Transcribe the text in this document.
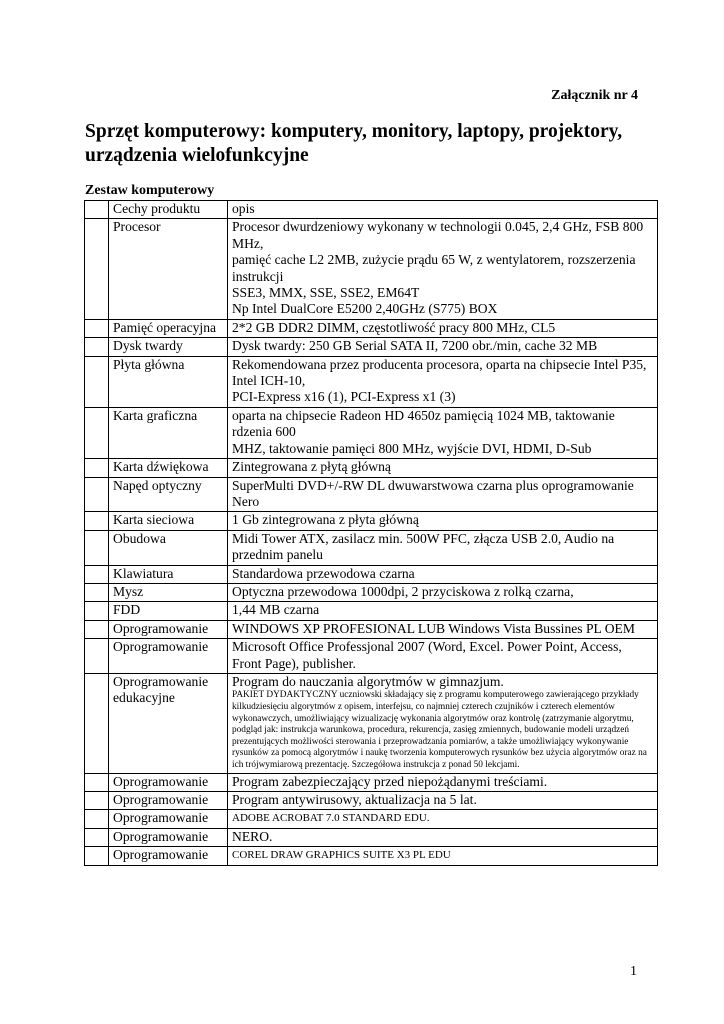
Załącznik nr 4
Sprzęt komputerowy: komputery, monitory, laptopy, projektory, urządzenia wielofunkcyjne
Zestaw komputerowy
	Cechy produktu	opis
	Procesor	Procesor dwurdzeniowy wykonany w technologii 0.045, 2,4 GHz, FSB 800 MHz,
pamięć cache L2 2MB, zużycie prądu 65 W, z wentylatorem, rozszerzenia instrukcji
SSE3, MMX, SSE, SSE2, EM64T
Np Intel DualCore E5200 2,40GHz (S775) BOX

	Pamięć operacyjna	2*2 GB DDR2 DIMM, częstotliwość pracy 800 MHz, CL5

	Dysk twardy	Dysk twardy: 250 GB Serial SATA II, 7200 obr./min, cache 32 MB

	Płyta główna	Rekomendowana przez producenta procesora, oparta na chipsecie Intel P35, Intel ICH-10,
PCI-Express x16 (1), PCI-Express x1 (3)

	Karta graficzna	oparta na chipsecie Radeon HD 4650z pamięcią 1024 MB, taktowanie rdzenia 600
MHZ, taktowanie pamięci 800 MHz, wyjście DVI, HDMI, D-Sub

	Karta dźwiękowa	Zintegrowana z płytą główną

	Napęd optyczny	SuperMulti DVD+/-RW DL dwuwarstwowa czarna plus oprogramowanie Nero

	Karta sieciowa	1 Gb zintegrowana z płyta główną

	Obudowa	Midi Tower ATX, zasilacz min. 500W PFC, złącza USB 2.0, Audio na przednim panelu

	Klawiatura	Standardowa przewodowa czarna

	Mysz	Optyczna przewodowa 1000dpi, 2 przyciskowa z rolką czarna,

	FDD	1,44 MB czarna

	Oprogramowanie	WINDOWS XP PROFESIONAL LUB Windows Vista Bussines PL OEM

	Oprogramowanie	Microsoft Office Professjonal 2007 (Word, Excel. Power Point, Access, Front Page), publisher.

	Oprogramowanie edukacyjne	Program do nauczania algorytmów w gimnazjum.
PAKIET DYDAKTYCZNY uczniowski składający się z programu komputerowego zawierającego przykłady kilkudziesięciu algorytmów z opisem, interfejsu, co najmniej czterech czujników i czterech elementów wykonawczych, umożliwiający wizualizację wykonania algorytmów oraz kontrolę (zatrzymanie algorytmu, podgląd jak: instrukcja warunkowa, procedura, rekurencja, zasięg zmiennych, budowanie modeli urządzeń prezentujących możliwości sterowania i przeprowadzania pomiarów, a także umożliwiający wykonywanie rysunków za pomocą algorytmów i naukę tworzenia komputerowych rysunków bez użycia algorytmów oraz na ich trójwymiarową prezentację. Szczegółowa instrukcja z ponad 50 lekcjami.

	Oprogramowanie	Program zabezpieczający przed niepożądanymi treściami.

	Oprogramowanie	Program antywirusowy, aktualizacja na 5 lat.

	Oprogramowanie	ADOBE ACROBAT 7.0 STANDARD EDU.

	Oprogramowanie	NERO.

	Oprogramowanie	COREL DRAW GRAPHICS SUITE X3 PL EDU
1
